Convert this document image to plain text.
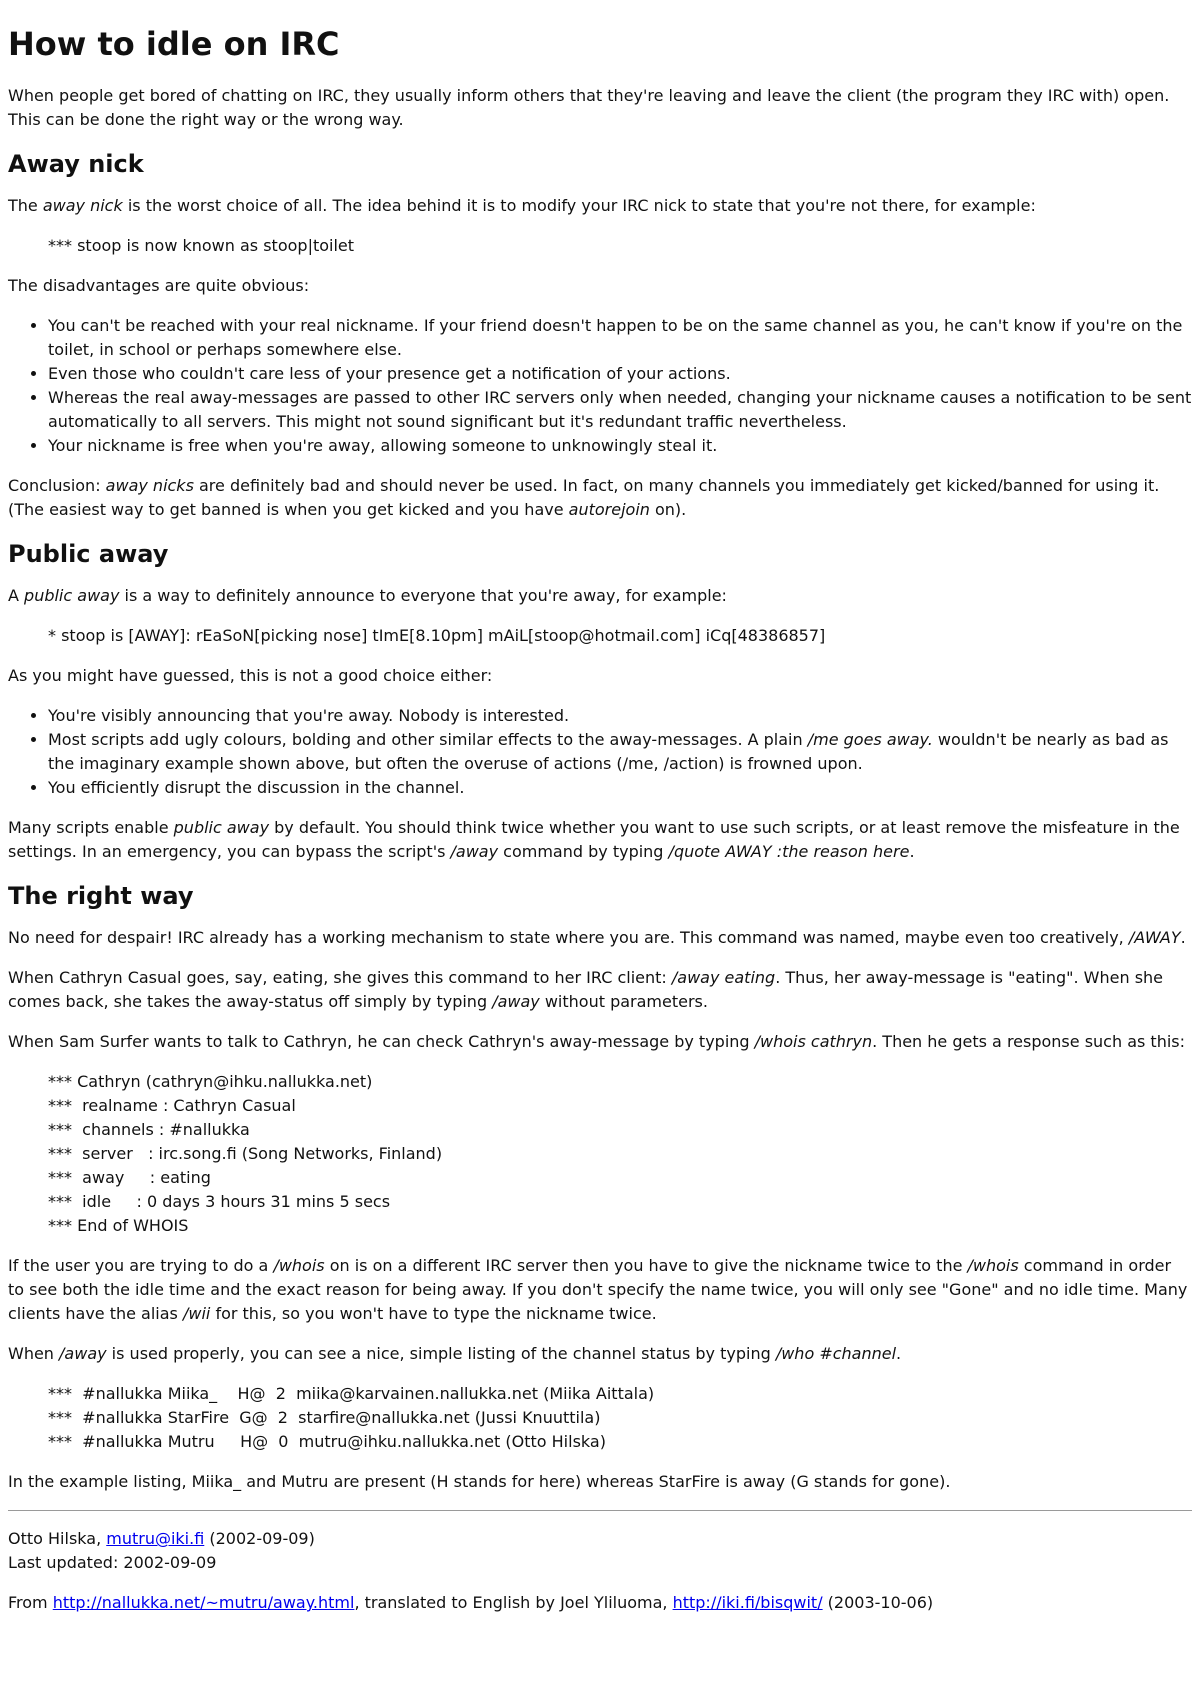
How to idle on IRC

When people get bored of chatting on IRC, they usually inform others that they're leaving and leave the client (the program they IRC with) open. This can be done the right way or the wrong way.

Away nick

The away nick is the worst choice of all. The idea behind it is to modify your IRC nick to state that you're not there, for example:

*** stoop is now known as stoop|toilet

The disadvantages are quite obvious:

• You can't be reached with your real nickname. If your friend doesn't happen to be on the same channel as you, he can't know if you're on the toilet, in school or perhaps somewhere else.
• Even those who couldn't care less of your presence get a notification of your actions.
• Whereas the real away-messages are passed to other IRC servers only when needed, changing your nickname causes a notification to be sent automatically to all servers. This might not sound significant but it's redundant traffic nevertheless.
• Your nickname is free when you're away, allowing someone to unknowingly steal it.

Conclusion: away nicks are definitely bad and should never be used. In fact, on many channels you immediately get kicked/banned for using it. (The easiest way to get banned is when you get kicked and you have autorejoin on).

Public away

A public away is a way to definitely announce to everyone that you're away, for example:

* stoop is [AWAY]: rEaSoN[picking nose] tImE[8.10pm] mAiL[stoop@hotmail.com] iCq[48386857]

As you might have guessed, this is not a good choice either:

• You're visibly announcing that you're away. Nobody is interested.
• Most scripts add ugly colours, bolding and other similar effects to the away-messages. A plain /me goes away. wouldn't be nearly as bad as the imaginary example shown above, but often the overuse of actions (/me, /action) is frowned upon.
• You efficiently disrupt the discussion in the channel.

Many scripts enable public away by default. You should think twice whether you want to use such scripts, or at least remove the misfeature in the settings. In an emergency, you can bypass the script's /away command by typing /quote AWAY :the reason here.

The right way

No need for despair! IRC already has a working mechanism to state where you are. This command was named, maybe even too creatively, /AWAY.

When Cathryn Casual goes, say, eating, she gives this command to her IRC client: /away eating. Thus, her away-message is "eating". When she comes back, she takes the away-status off simply by typing /away without parameters.

When Sam Surfer wants to talk to Cathryn, he can check Cathryn's away-message by typing /whois cathryn. Then he gets a response such as this:

*** Cathryn (cathryn@ihku.nallukka.net)
***  realname : Cathryn Casual
***  channels : #nallukka
***  server   : irc.song.fi (Song Networks, Finland)
***  away     : eating
***  idle     : 0 days 3 hours 31 mins 5 secs
*** End of WHOIS

If the user you are trying to do a /whois on is on a different IRC server then you have to give the nickname twice to the /whois command in order to see both the idle time and the exact reason for being away. If you don't specify the name twice, you will only see "Gone" and no idle time. Many clients have the alias /wii for this, so you won't have to type the nickname twice.

When /away is used properly, you can see a nice, simple listing of the channel status by typing /who #channel.

***  #nallukka Miika_    H@  2  miika@karvainen.nallukka.net (Miika Aittala)
***  #nallukka StarFire  G@  2  starfire@nallukka.net (Jussi Knuuttila)
***  #nallukka Mutru     H@  0  mutru@ihku.nallukka.net (Otto Hilska)

In the example listing, Miika_ and Mutru are present (H stands for here) whereas StarFire is away (G stands for gone).

Otto Hilska, mutru@iki.fi (2002-09-09)

Last updated: 2002-09-09

From http://nallukka.net/~mutru/away.html, translated to English by Joel Yliluoma, http://iki.fi/bisqwit/ (2003-10-06)
